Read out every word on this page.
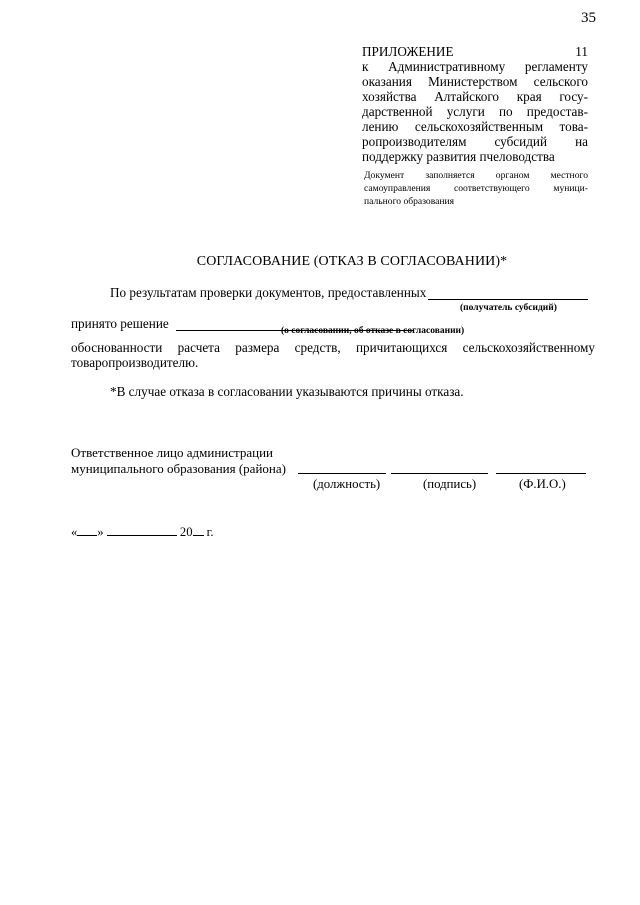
35
ПРИЛОЖЕНИЕ 11
к Административному регламенту
оказания Министерством сельского
хозяйства Алтайского края госу-
дарственной услуги по предостав-
лению сельскохозяйственным това-
ропроизводителям субсидий на
поддержку развития пчеловодства
Документ заполняется органом местного
самоуправления соответствующего муници-
пального образования
СОГЛАСОВАНИЕ (ОТКАЗ В СОГЛАСОВАНИИ)*
По результатам проверки документов, предоставленных
(получатель субсидий)
принято решение	(о согласовании, об отказе в согласовании)
обоснованности расчета размера средств, причитающихся сельскохозяйственному
товаропроизводителю.
*В случае отказа в согласовании указываются причины отказа.
Ответственное лицо администрации
муниципального образования (района)
(должность)	(подпись)	(Ф.И.О.)
« »	20 г.
